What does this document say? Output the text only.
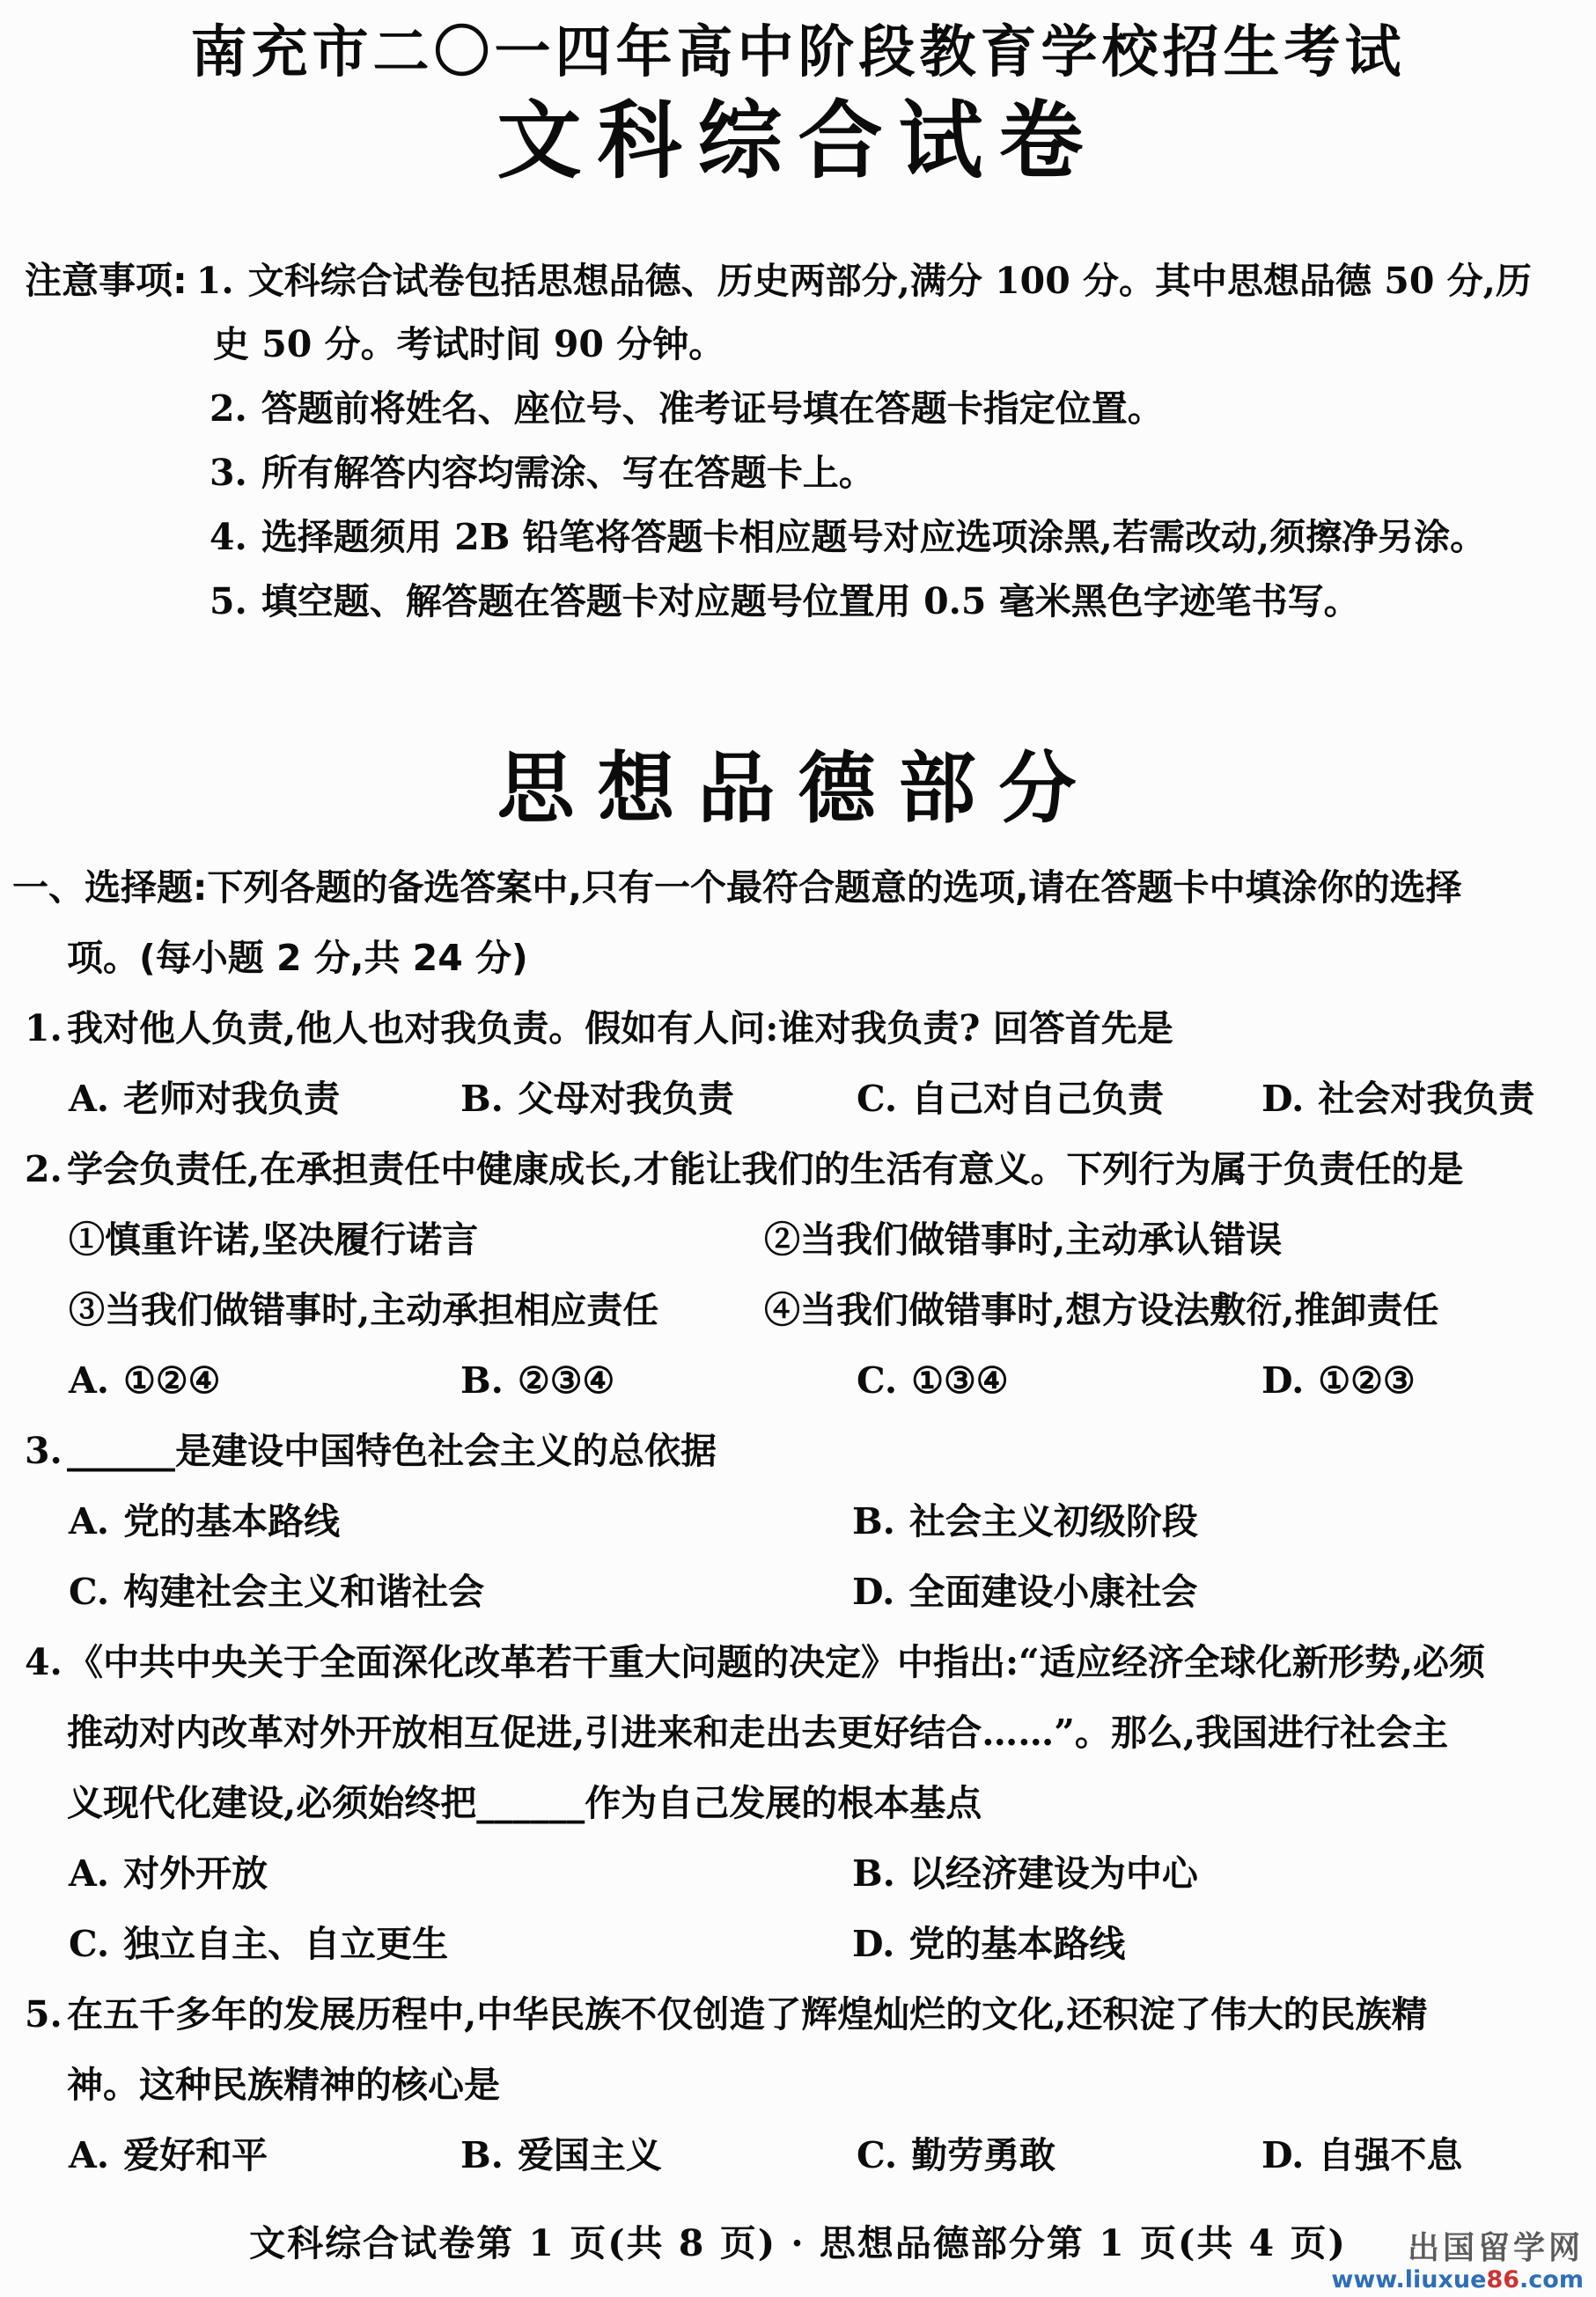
南充市二〇一四年高中阶段教育学校招生考试
文科综合试卷
注意事项: 1. 文科综合试卷包括思想品德、历史两部分,满分 100 分。其中思想品德 50 分,历
史 50 分。考试时间 90 分钟。
2. 答题前将姓名、座位号、准考证号填在答题卡指定位置。
3. 所有解答内容均需涂、写在答题卡上。
4. 选择题须用 2B 铅笔将答题卡相应题号对应选项涂黑,若需改动,须擦净另涂。
5. 填空题、解答题在答题卡对应题号位置用 0.5 毫米黑色字迹笔书写。
思想品德部分
一、选择题:下列各题的备选答案中,只有一个最符合题意的选项,请在答题卡中填涂你的选择
项。(每小题 2 分,共 24 分)
1. 我对他人负责,他人也对我负责。假如有人问:谁对我负责? 回答首先是
A. 老师对我负责	B. 父母对我负责	C. 自己对自己负责	D. 社会对我负责
2. 学会负责任,在承担责任中健康成长,才能让我们的生活有意义。下列行为属于负责任的是
①慎重许诺,坚决履行诺言	②当我们做错事时,主动承认错误
③当我们做错事时,主动承担相应责任	④当我们做错事时,想方设法敷衍,推卸责任
A. ①②④	B. ②③④	C. ①③④	D. ①②③
3. ______是建设中国特色社会主义的总依据
A. 党的基本路线	B. 社会主义初级阶段
C. 构建社会主义和谐社会	D. 全面建设小康社会
4. 《中共中央关于全面深化改革若干重大问题的决定》中指出:“适应经济全球化新形势,必须
推动对内改革对外开放相互促进,引进来和走出去更好结合……”。那么,我国进行社会主
义现代化建设,必须始终把______作为自己发展的根本基点
A. 对外开放	B. 以经济建设为中心
C. 独立自主、自立更生	D. 党的基本路线
5. 在五千多年的发展历程中,中华民族不仅创造了辉煌灿烂的文化,还积淀了伟大的民族精
神。这种民族精神的核心是
A. 爱好和平	B. 爱国主义	C. 勤劳勇敢	D. 自强不息
文科综合试卷第 1 页(共 8 页) · 思想品德部分第 1 页(共 4 页)	出国留学网
www.liuxue86.com
